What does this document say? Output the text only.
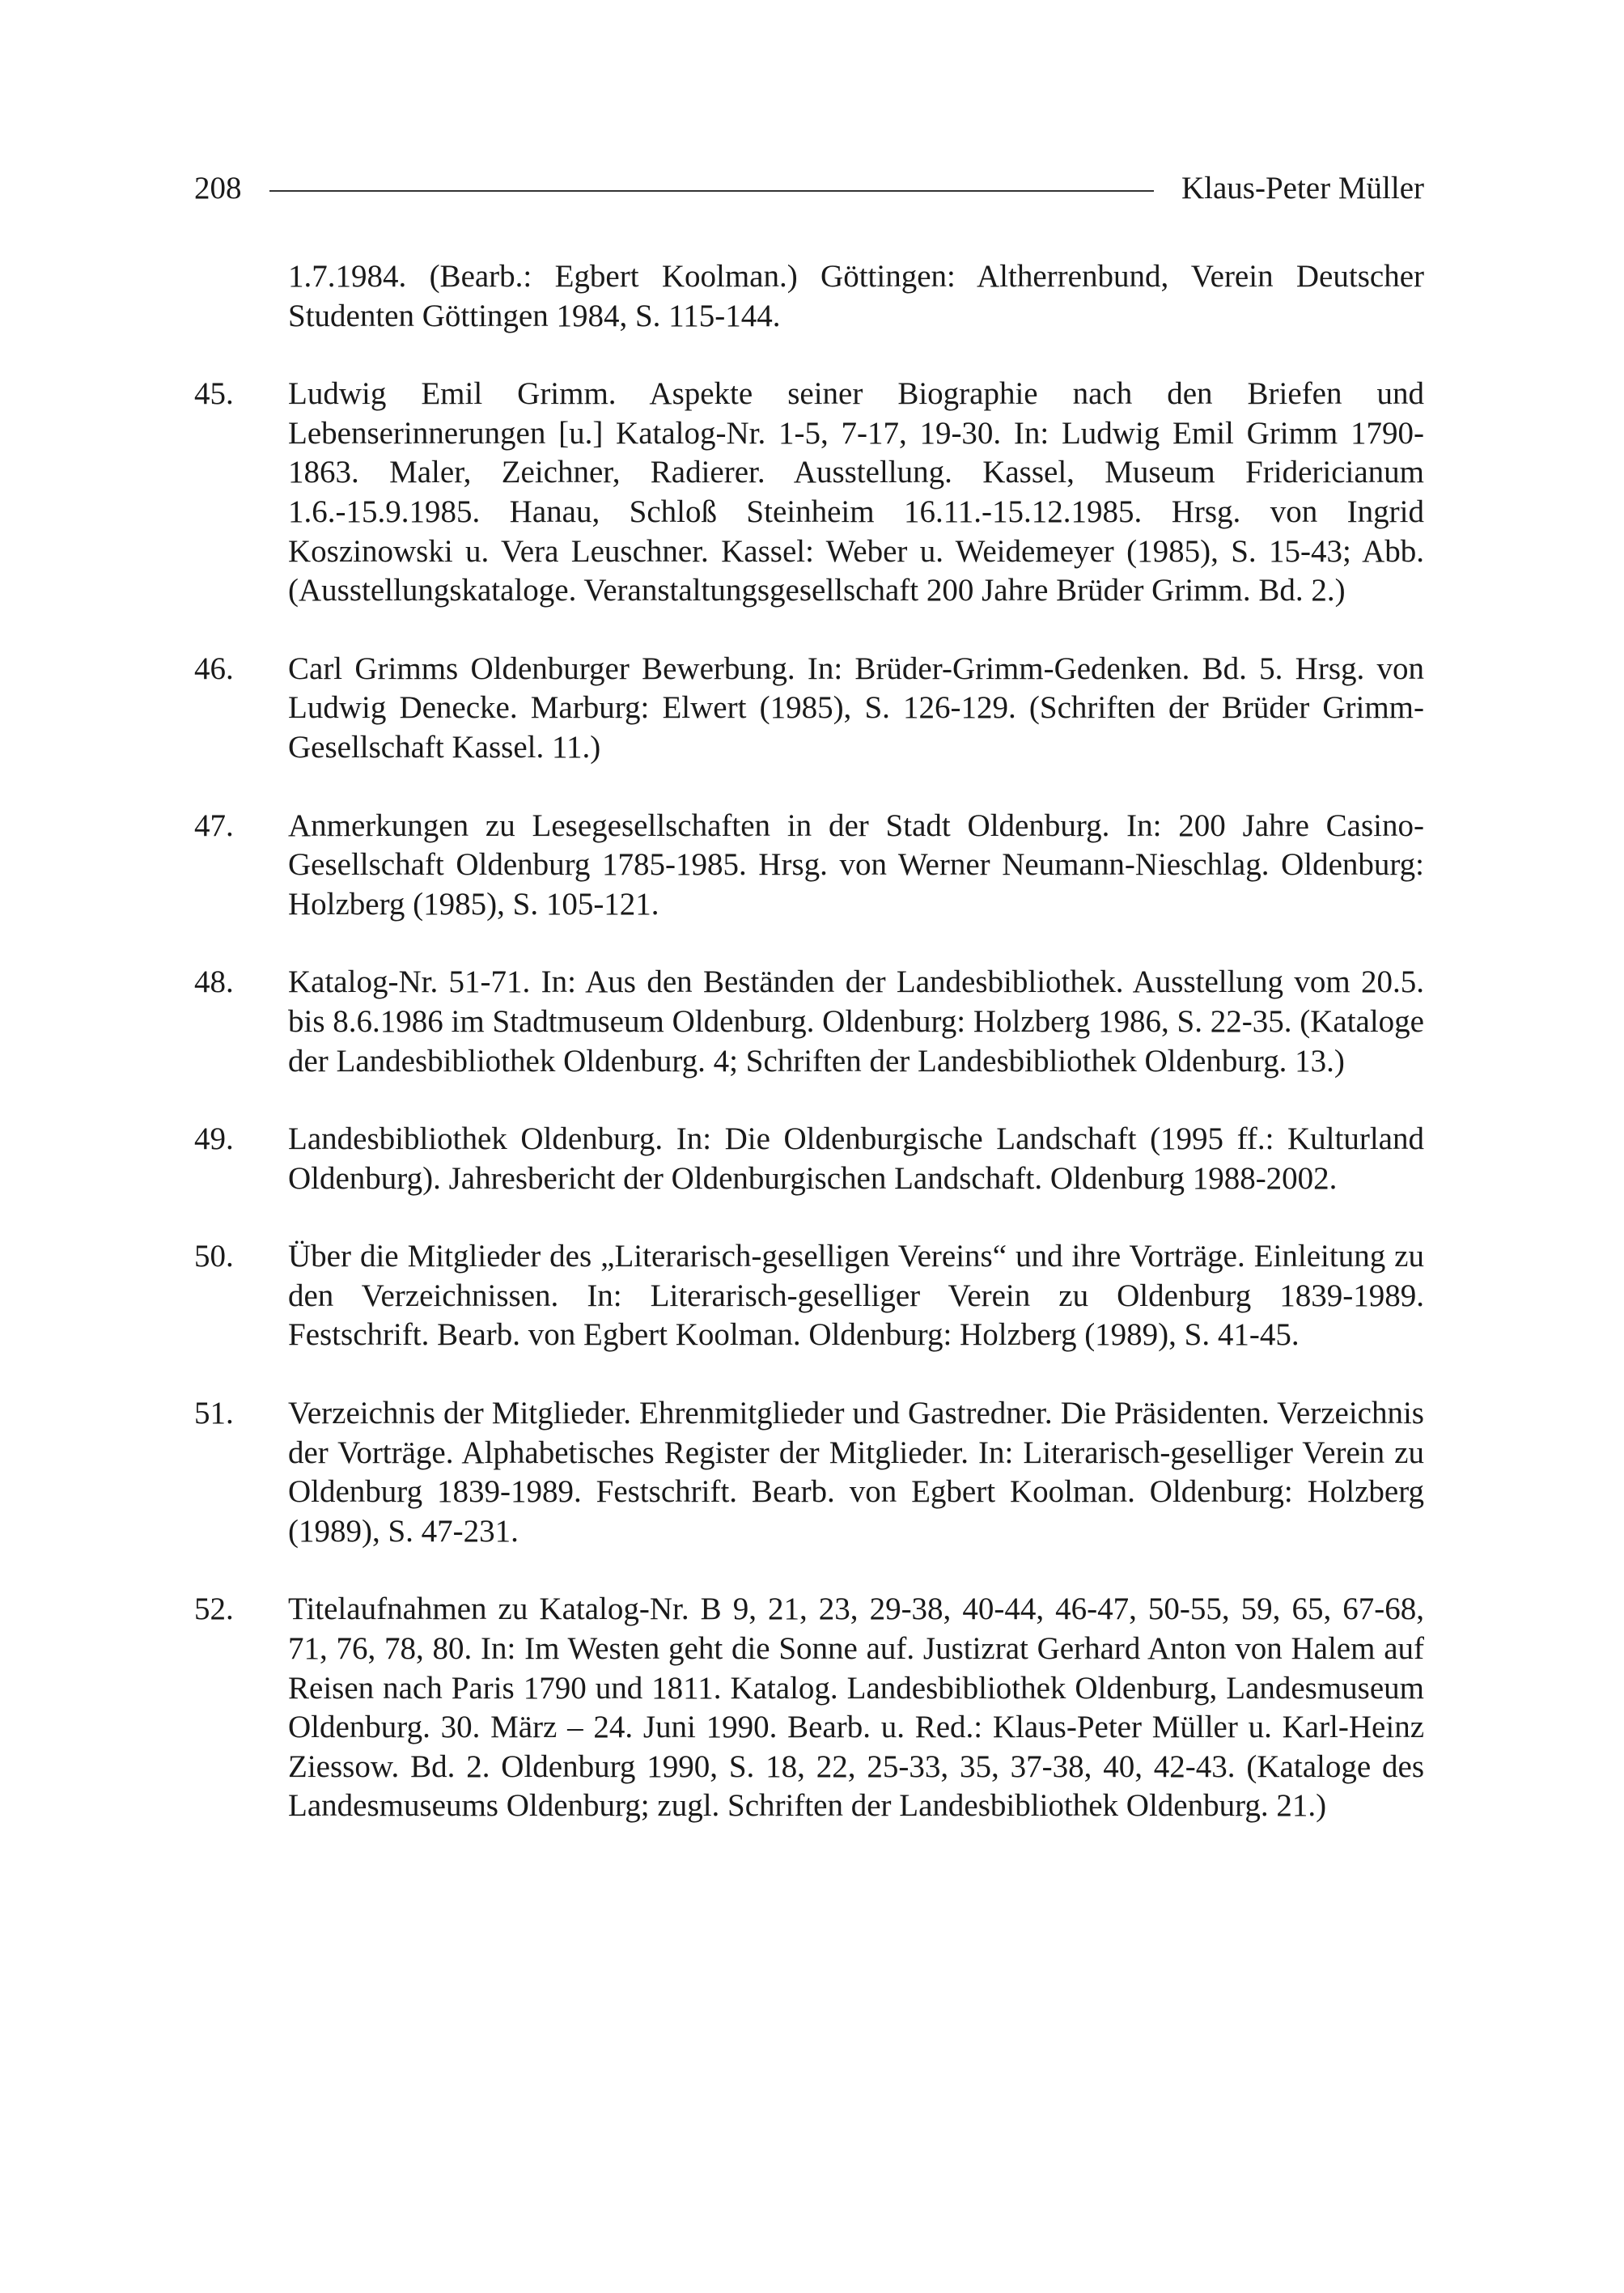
208	Klaus-Peter Müller
1.7.1984. (Bearb.: Egbert Koolman.) Göttingen: Altherrenbund, Verein Deutscher Studenten Göttingen 1984, S. 115-144.
45.	Ludwig Emil Grimm. Aspekte seiner Biographie nach den Briefen und Lebenserinnerungen [u.] Katalog-Nr. 1-5, 7-17, 19-30. In: Ludwig Emil Grimm 1790-1863. Maler, Zeichner, Radierer. Ausstellung. Kassel, Museum Fridericianum 1.6.-15.9.1985. Hanau, Schloß Steinheim 16.11.-15.12.1985. Hrsg. von Ingrid Koszinowski u. Vera Leuschner. Kassel: Weber u. Weidemeyer (1985), S. 15-43; Abb. (Ausstellungskataloge. Veranstaltungsgesellschaft 200 Jahre Brüder Grimm. Bd. 2.)
46.	Carl Grimms Oldenburger Bewerbung. In: Brüder-Grimm-Gedenken. Bd. 5. Hrsg. von Ludwig Denecke. Marburg: Elwert (1985), S. 126-129. (Schriften der Brüder Grimm-Gesellschaft Kassel. 11.)
47.	Anmerkungen zu Lesegesellschaften in der Stadt Oldenburg. In: 200 Jahre Casino-Gesellschaft Oldenburg 1785-1985. Hrsg. von Werner Neumann-Nieschlag. Oldenburg: Holzberg (1985), S. 105-121.
48.	Katalog-Nr. 51-71. In: Aus den Beständen der Landesbibliothek. Ausstellung vom 20.5. bis 8.6.1986 im Stadtmuseum Oldenburg. Oldenburg: Holzberg 1986, S. 22-35. (Kataloge der Landesbibliothek Oldenburg. 4; Schriften der Landesbibliothek Oldenburg. 13.)
49.	Landesbibliothek Oldenburg. In: Die Oldenburgische Landschaft (1995 ff.: Kulturland Oldenburg). Jahresbericht der Oldenburgischen Landschaft. Oldenburg 1988-2002.
50.	Über die Mitglieder des „Literarisch-geselligen Vereins“ und ihre Vorträge. Einleitung zu den Verzeichnissen. In: Literarisch-geselliger Verein zu Oldenburg 1839-1989. Festschrift. Bearb. von Egbert Koolman. Oldenburg: Holzberg (1989), S. 41-45.
51.	Verzeichnis der Mitglieder. Ehrenmitglieder und Gastredner. Die Präsidenten. Verzeichnis der Vorträge. Alphabetisches Register der Mitglieder. In: Literarisch-geselliger Verein zu Oldenburg 1839-1989. Festschrift. Bearb. von Egbert Koolman. Oldenburg: Holzberg (1989), S. 47-231.
52.	Titelaufnahmen zu Katalog-Nr. B 9, 21, 23, 29-38, 40-44, 46-47, 50-55, 59, 65, 67-68, 71, 76, 78, 80. In: Im Westen geht die Sonne auf. Justizrat Gerhard Anton von Halem auf Reisen nach Paris 1790 und 1811. Katalog. Landesbibliothek Oldenburg, Landesmuseum Oldenburg. 30. März – 24. Juni 1990. Bearb. u. Red.: Klaus-Peter Müller u. Karl-Heinz Ziessow. Bd. 2. Oldenburg 1990, S. 18, 22, 25-33, 35, 37-38, 40, 42-43. (Kataloge des Landesmuseums Oldenburg; zugl. Schriften der Landesbibliothek Oldenburg. 21.)
